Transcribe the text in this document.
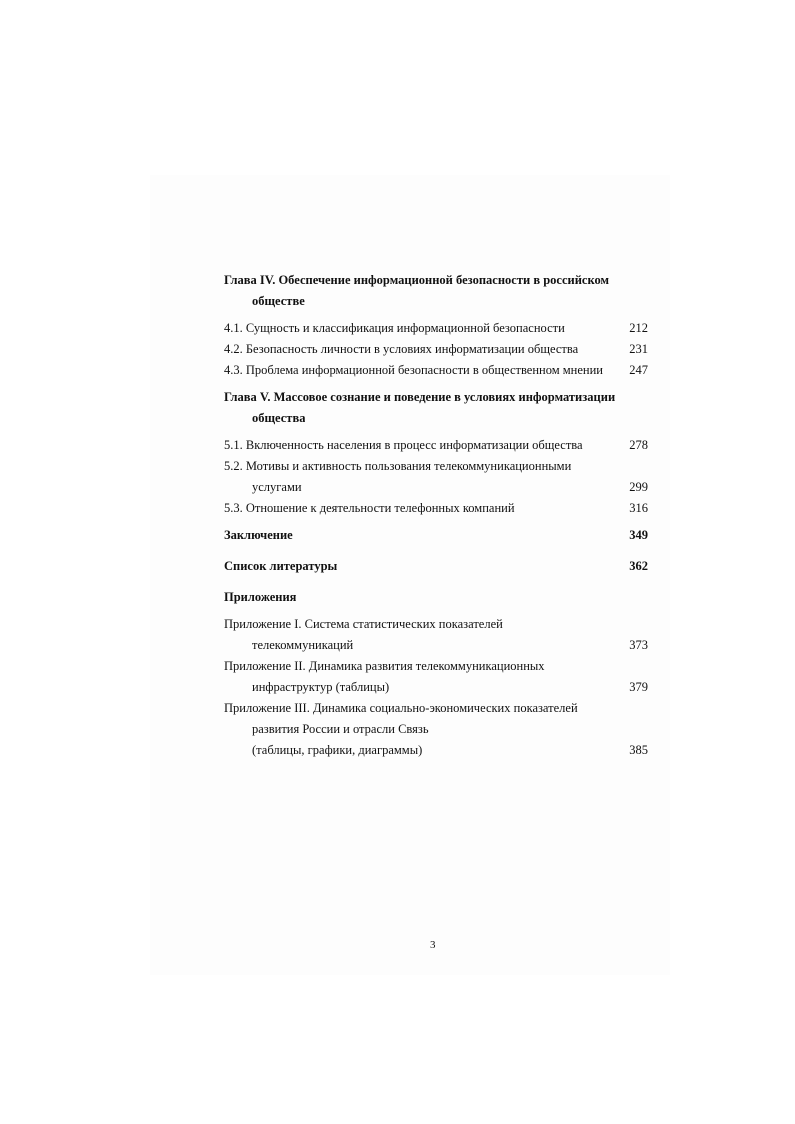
Глава IV. Обеспечение информационной безопасности в российском
обществе
4.1. Сущность и классификация информационной безопасности	212
4.2. Безопасность личности в условиях информатизации общества	231
4.3. Проблема информационной безопасности в общественном мнении	247
Глава V. Массовое сознание и поведение в условиях информатизации
общества
5.1. Включенность населения в процесс информатизации общества	278
5.2. Мотивы и активность пользования телекоммуникационными
услугами	299
5.3. Отношение к деятельности телефонных компаний	316
Заключение	349
Список литературы	362
Приложения
Приложение I. Система статистических показателей
телекоммуникаций	373
Приложение II. Динамика развития телекоммуникационных
инфраструктур (таблицы)	379
Приложение III. Динамика социально-экономических показателей
развития России и отрасли Связь
(таблицы, графики, диаграммы)	385
3
